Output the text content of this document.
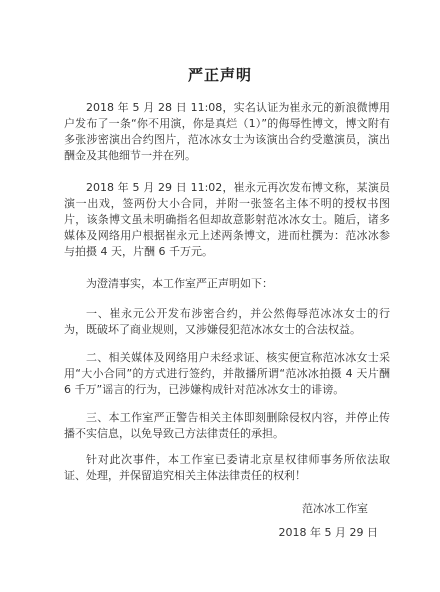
严正声明

2018 年 5 月 28 日 11:08，实名认证为崔永元的新浪微博用户发布了一条“你不用演，你是真烂（1）”的侮辱性博文，博文附有多张涉密演出合约图片，范冰冰女士为该演出合约受邀演员，演出酬金及其他细节一并在列。

2018 年 5 月 29 日 11:02，崔永元再次发布博文称，某演员演一出戏，签两份大小合同，并附一张签名主体不明的授权书图片，该条博文虽未明确指名但却故意影射范冰冰女士。随后，诸多媒体及网络用户根据崔永元上述两条博文，进而杜撰为：范冰冰参与拍摄 4 天，片酬 6 千万元。

为澄清事实，本工作室严正声明如下：

一、崔永元公开发布涉密合约，并公然侮辱范冰冰女士的行为，既破坏了商业规则，又涉嫌侵犯范冰冰女士的合法权益。

二、相关媒体及网络用户未经求证、核实便宣称范冰冰女士采用“大小合同”的方式进行签约，并散播所谓“范冰冰拍摄 4 天片酬 6 千万”谣言的行为，已涉嫌构成针对范冰冰女士的诽谤。

三、本工作室严正警告相关主体即刻删除侵权内容，并停止传播不实信息，以免导致己方法律责任的承担。

针对此次事件，本工作室已委请北京星权律师事务所依法取证、处理，并保留追究相关主体法律责任的权利！

范冰冰工作室
2018 年 5 月 29 日
